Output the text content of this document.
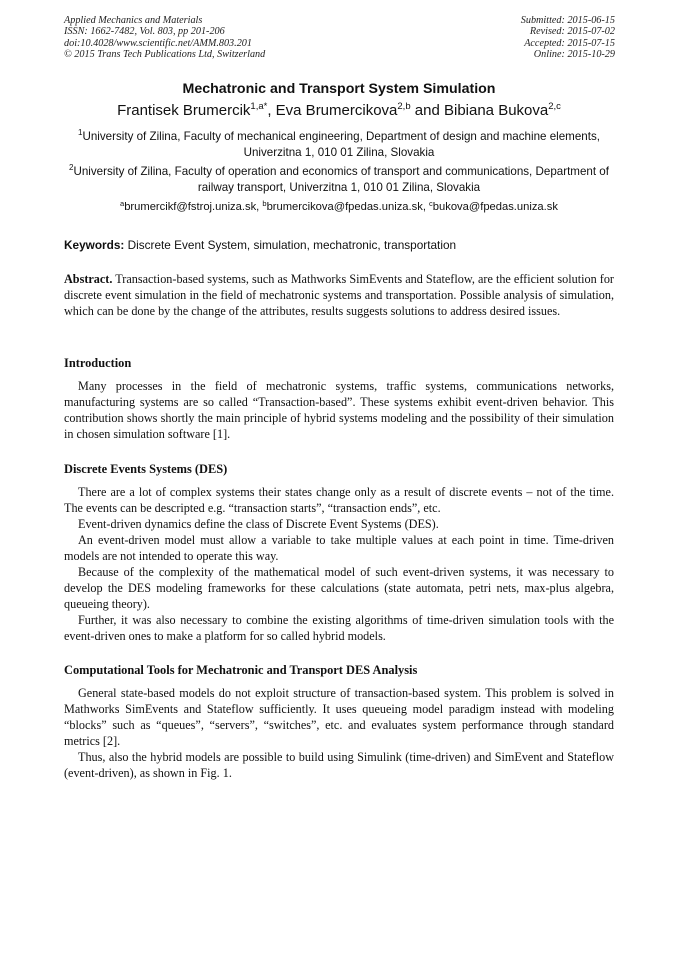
Applied Mechanics and Materials
ISSN: 1662-7482, Vol. 803, pp 201-206
doi:10.4028/www.scientific.net/AMM.803.201
© 2015 Trans Tech Publications Ltd, Switzerland
Submitted: 2015-06-15
Revised: 2015-07-02
Accepted: 2015-07-15
Online: 2015-10-29
Mechatronic and Transport System Simulation
Frantisek Brumercik$^{1,a*}$, Eva Brumercikova$^{2,b}$ and Bibiana Bukova$^{2,c}$
$^1$University of Zilina, Faculty of mechanical engineering, Department of design and machine elements, Univerzitna 1, 010 01 Zilina, Slovakia
$^2$University of Zilina, Faculty of operation and economics of transport and communications, Department of railway transport, Univerzitna 1, 010 01 Zilina, Slovakia
$^a$brumercikf@fstroj.uniza.sk, $^b$brumercikova@fpedas.uniza.sk, $^c$bukova@fpedas.uniza.sk
Keywords: Discrete Event System, simulation, mechatronic, transportation
Abstract. Transaction-based systems, such as Mathworks SimEvents and Stateflow, are the efficient solution for discrete event simulation in the field of mechatronic systems and transportation. Possible analysis of simulation, which can be done by the change of the attributes, results suggests solutions to address desired issues.
Introduction

Many processes in the field of mechatronic systems, traffic systems, communications networks, manufacturing systems are so called “Transaction-based”. These systems exhibit event-driven behavior. This contribution shows shortly the main principle of hybrid systems modeling and the possibility of their simulation in chosen simulation software [1].

Discrete Events Systems (DES)

There are a lot of complex systems their states change only as a result of discrete events – not of the time. The events can be descripted e.g. “transaction starts”, “transaction ends”, etc.

Event-driven dynamics define the class of Discrete Event Systems (DES).

An event-driven model must allow a variable to take multiple values at each point in time. Time-driven models are not intended to operate this way.

Because of the complexity of the mathematical model of such event-driven systems, it was necessary to develop the DES modeling frameworks for these calculations (state automata, petri nets, max-plus algebra, queueing theory).

Further, it was also necessary to combine the existing algorithms of time-driven simulation tools with the event-driven ones to make a platform for so called hybrid models.

Computational Tools for Mechatronic and Transport DES Analysis

General state-based models do not exploit structure of transaction-based system. This problem is solved in Mathworks SimEvents and Stateflow sufficiently. It uses queueing model paradigm instead with modeling “blocks” such as “queues”, “servers”, “switches”, etc. and evaluates system performance through standard metrics [2].

Thus, also the hybrid models are possible to build using Simulink (time-driven) and SimEvent and Stateflow (event-driven), as shown in Fig. 1.
